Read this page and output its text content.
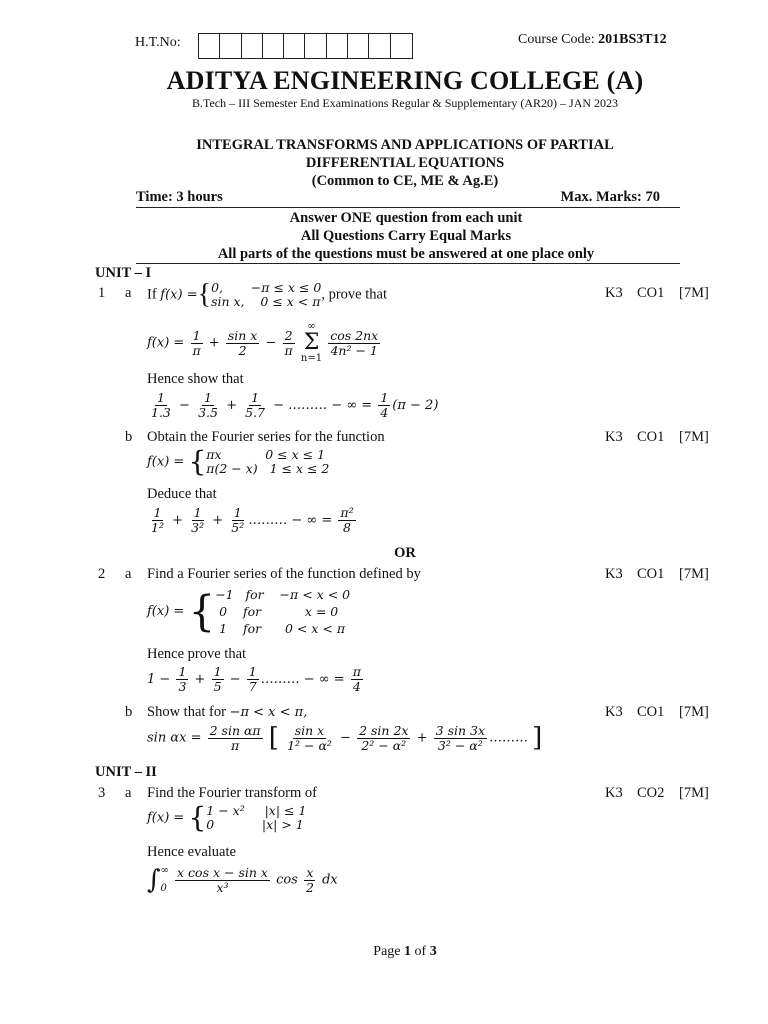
H.T.No:	Course Code: 201BS3T12
ADITYA ENGINEERING COLLEGE (A)
B.Tech – III Semester End Examinations Regular & Supplementary (AR20) – JAN 2023
INTEGRAL TRANSFORMS AND APPLICATIONS OF PARTIAL
DIFFERENTIAL EQUATIONS
(Common to CE, ME & Ag.E)
Time: 3 hours	Max. Marks: 70
Answer ONE question from each unit
All Questions Carry Equal Marks
All parts of the questions must be answered at one place only
UNIT – I
1 a If f(x) ={ 0,       −π ≤ x ≤ 0
sin x,    0 ≤ x < π , prove that	K3 CO1 [7M]
$f(x) = \frac{1}{\pi} + \frac{\text{sin x}}{2} - \frac{2}{\pi}$

∞
Σ
n=1

$\frac{\cos 2nx}{\text{4n² − 1}}$
Hence show that
$\frac{1}{1.3} - \frac{1}{3.5} + \frac{1}{5.7}$ − ……… − ∞ = $\frac{1}{4} (\pi - 2)$
b Obtain the Fourier series for the function	K3 CO1 [7M]
f(x) = { πx           0 ≤ x ≤ 1
π(2 − x)   1 ≤ x ≤ 2
Deduce that
$\frac{1}{\text{1²}} + \frac{1}{\text{3²}} + \frac{1}{\text{5²}}$ ……… − ∞ = $\frac{\text{π²}}{8}$
OR
2 a Find a Fourier series of the function defined by	K3 CO1 [7M]
f(x) = { −1   for    −π < x < 0
0    for           x = 0
1    for      0 < x < π
Hence prove that
$1 - \frac{1}{3} + \frac{1}{5} - \frac{1}{7}$ ……… − ∞ = $\frac{\pi}{4}$
b Show that for −π < x < π,	K3 CO1 [7M]
$\sin \alpha x = \frac{\text{2 sin απ}}{\pi}$ [ $\frac{\text{sin x}}{\text{1² − α²}} - \frac{2 \sin 2x}{\text{2² − α²}} + \frac{3 \sin 3x}{\text{3² − α²}}$ ……… ]
UNIT – II
3 a Find the Fourier transform of	K3 CO2 [7M]
f(x) = { 1 − x²     |x| ≤ 1
0            |x| > 1
Hence evaluate
∫ ∞
0
$\frac{\text{x cos x − sin x}}{\text{x³}}$ $\cos \frac{x}{2}$ dx
Page 1 of 3
